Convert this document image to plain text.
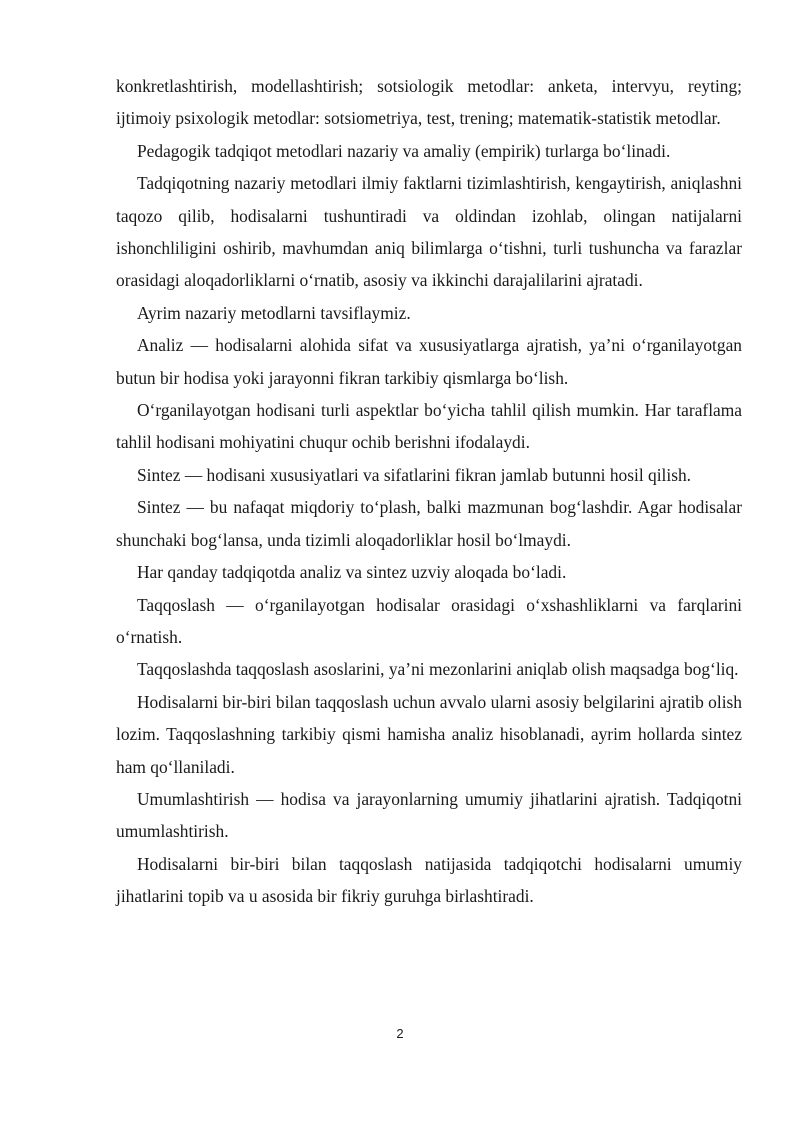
konkretlashtirish, modellashtirish; sotsiologik metodlar: anketa, intervyu, reyting; ijtimoiy psixologik metodlar: sotsiometriya, test, trening; matematik-statistik metodlar.

Pedagogik tadqiqot metodlari nazariy va amaliy (empirik) turlarga bo‘linadi.

Tadqiqotning nazariy metodlari ilmiy faktlarni tizimlashtirish, kengaytirish, aniqlashni taqozo qilib, hodisalarni tushuntiradi va oldindan izohlab, olingan natijalarni ishonchliligini oshirib, mavhumdan aniq bilimlarga o‘tishni, turli tushuncha va farazlar orasidagi aloqadorliklarni o‘rnatib, asosiy va ikkinchi darajalilarini ajratadi.

Ayrim nazariy metodlarni tavsiflaymiz.

Analiz — hodisalarni alohida sifat va xususiyatlarga ajratish, ya’ni o‘rganilayotgan butun bir hodisa yoki jarayonni fikran tarkibiy qismlarga bo‘lish.

O‘rganilayotgan hodisani turli aspektlar bo‘yicha tahlil qilish mumkin. Har taraflama tahlil hodisani mohiyatini chuqur ochib berishni ifodalaydi.

Sintez — hodisani xususiyatlari va sifatlarini fikran jamlab butunni hosil qilish.

Sintez — bu nafaqat miqdoriy to‘plash, balki mazmunan bog‘lashdir. Agar hodisalar shunchaki bog‘lansa, unda tizimli aloqadorliklar hosil bo‘lmaydi.

Har qanday tadqiqotda analiz va sintez uzviy aloqada bo‘ladi.

Taqqoslash — o‘rganilayotgan hodisalar orasidagi o‘xshashliklarni va farqlarini o‘rnatish.

Taqqoslashda taqqoslash asoslarini, ya’ni mezonlarini aniqlab olish maqsadga bog‘liq.

Hodisalarni bir-biri bilan taqqoslash uchun avvalo ularni asosiy belgilarini ajratib olish lozim. Taqqoslashning tarkibiy qismi hamisha analiz hisoblanadi, ayrim hollarda sintez ham qo‘llaniladi.

Umumlashtirish — hodisa va jarayonlarning umumiy jihatlarini ajratish. Tadqiqotni umumlashtirish.

Hodisalarni bir-biri bilan taqqoslash natijasida tadqiqotchi hodisalarni umumiy jihatlarini topib va u asosida bir fikriy guruhga birlashtiradi.

2
